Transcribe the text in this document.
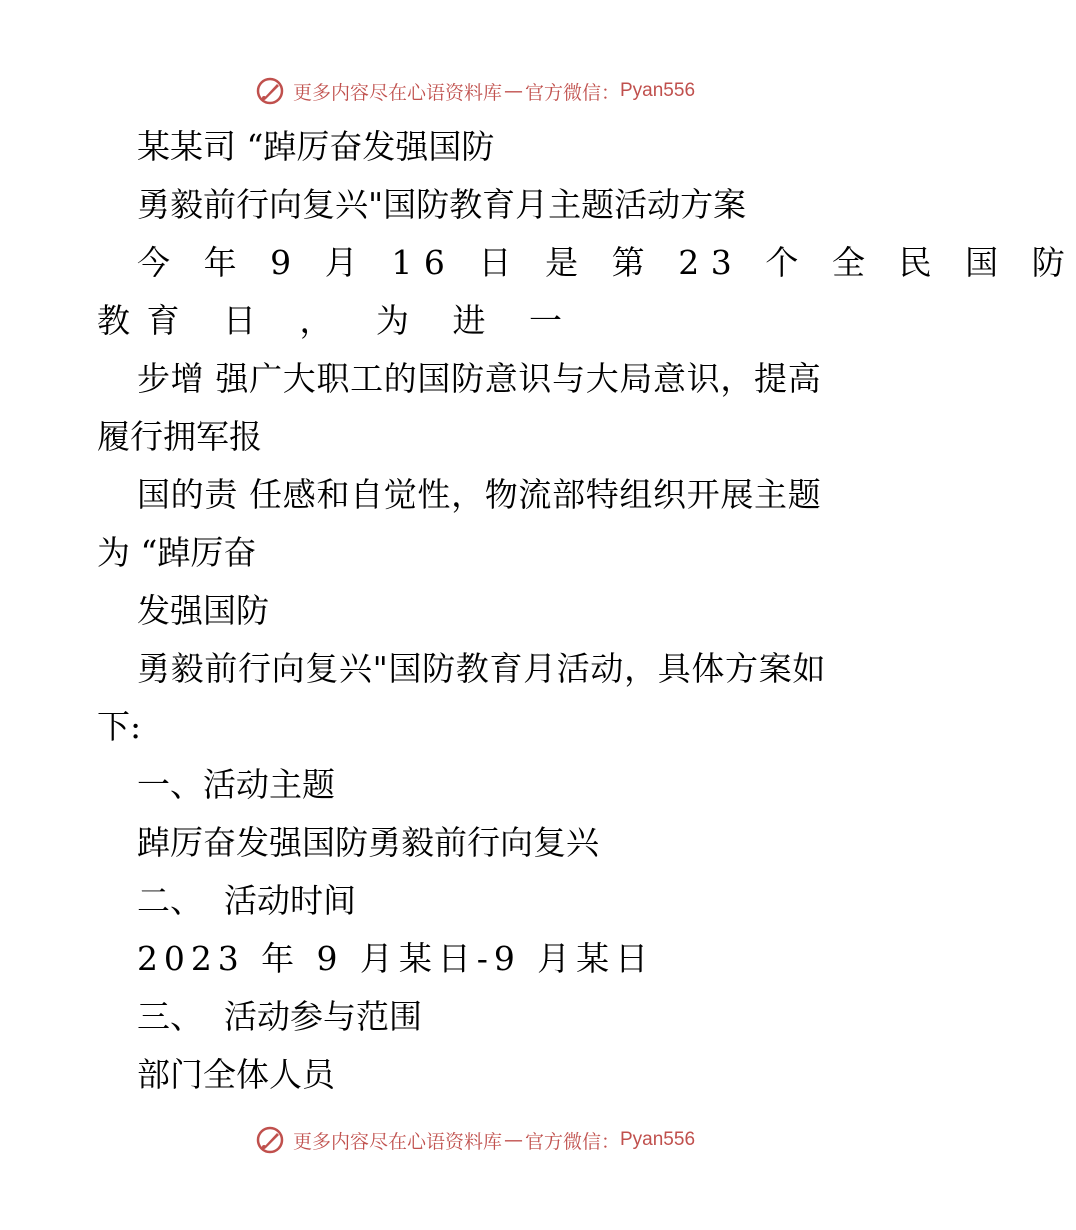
更多内容尽在心语资料库 — 官方微信： Pyan556
某某司 “踔厉奋发强国防
勇毅前行向复兴"国防教育月主题活动方案
今 年 9 月 16 日 是 第 23 个 全 民 国 防
教育 日 ， 为 进 一
步增 强广大职工的国防意识与大局意识，提高
履行拥军报
国的责 任感和自觉性，物流部特组织开展主题
为 “踔厉奋
发强国防
勇毅前行向复兴"国防教育月活动，具体方案如
下:
一、活动主题
踔厉奋发强国防勇毅前行向复兴
二、  活动时间
2023 年 9 月某日-9 月某日
三、  活动参与范围
部门全体人员
更多内容尽在心语资料库 — 官方微信： Pyan556
